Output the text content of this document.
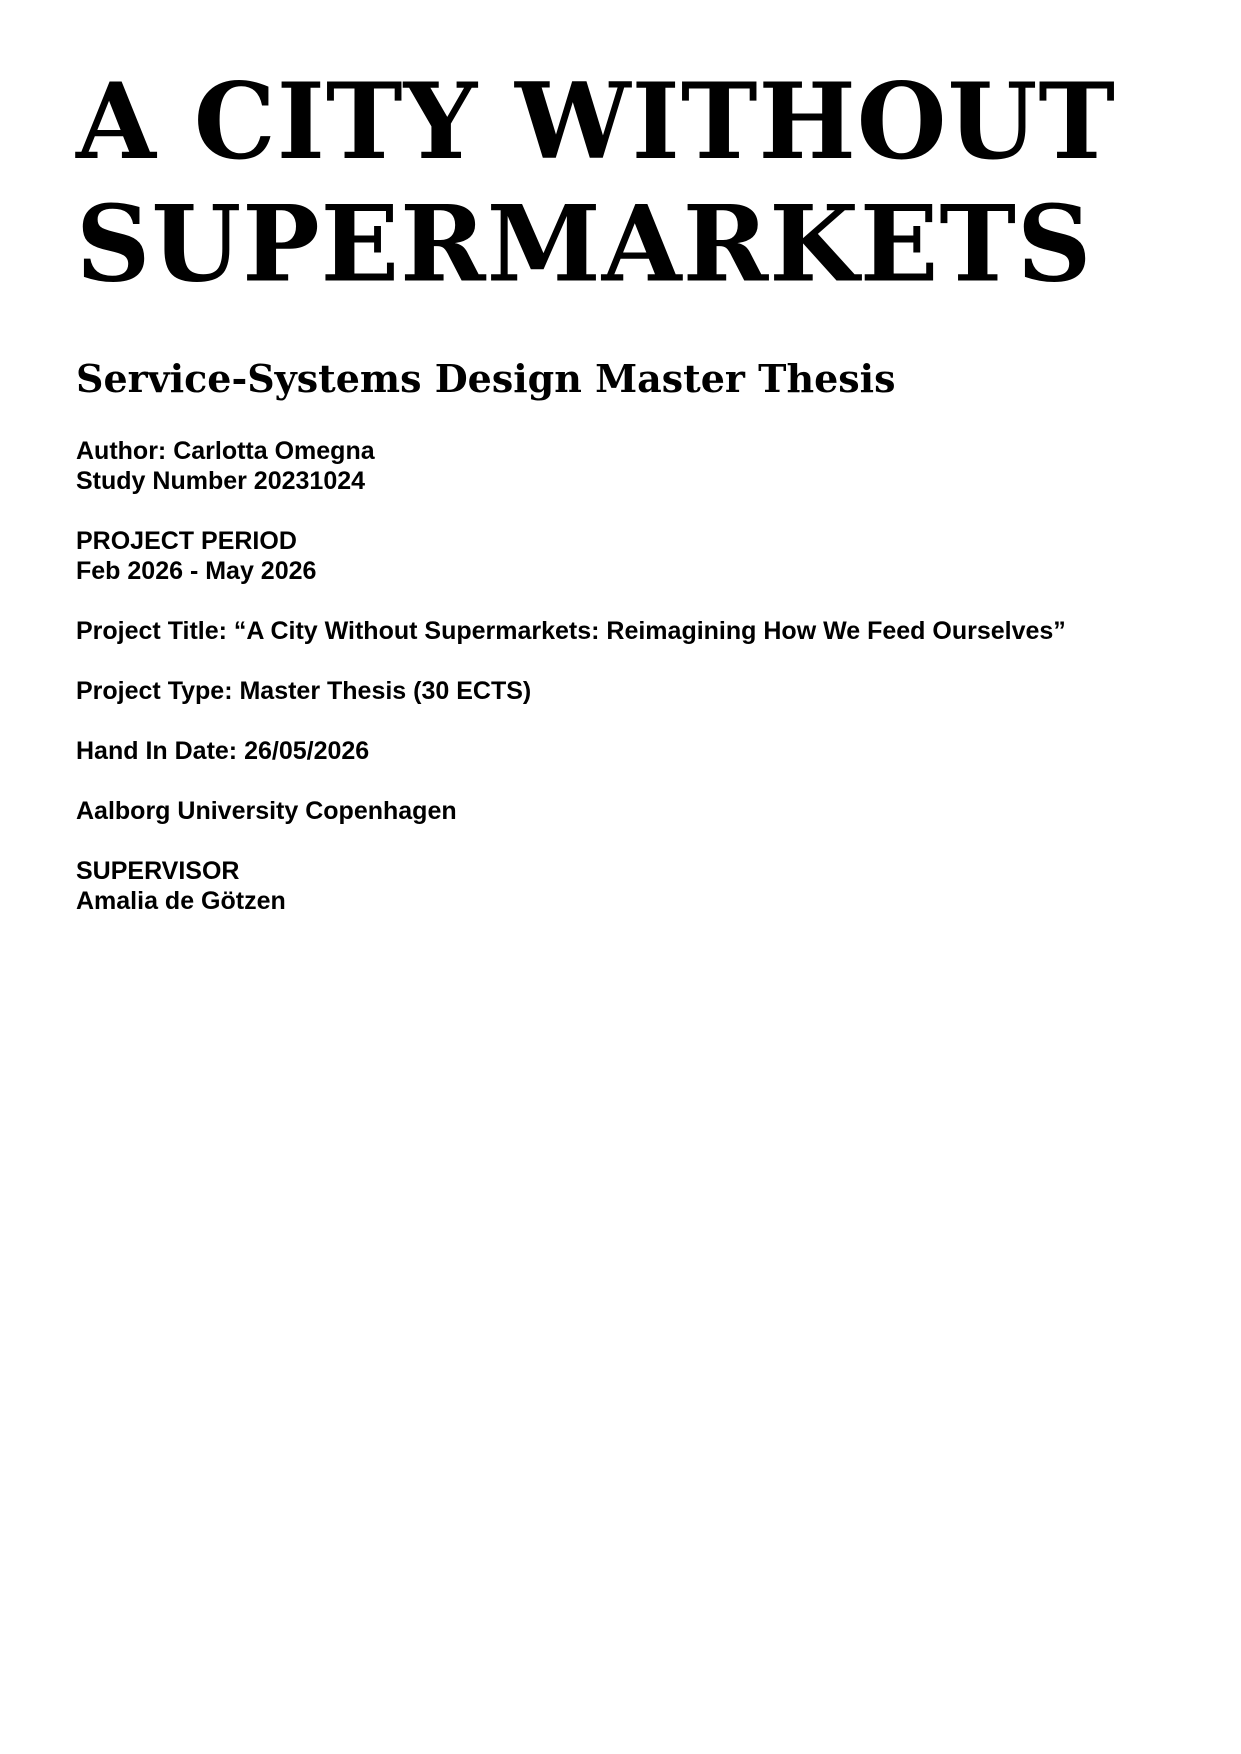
A CITY WITHOUT
SUPERMARKETS
Service-Systems Design Master Thesis

Author: Carlotta Omegna
Study Number 20231024

PROJECT PERIOD
Feb 2026 - May 2026

Project Title: “A City Without Supermarkets: Reimagining How We Feed Ourselves”

Project Type: Master Thesis (30 ECTS)

Hand In Date: 26/05/2026

Aalborg University Copenhagen

SUPERVISOR
Amalia de Götzen
